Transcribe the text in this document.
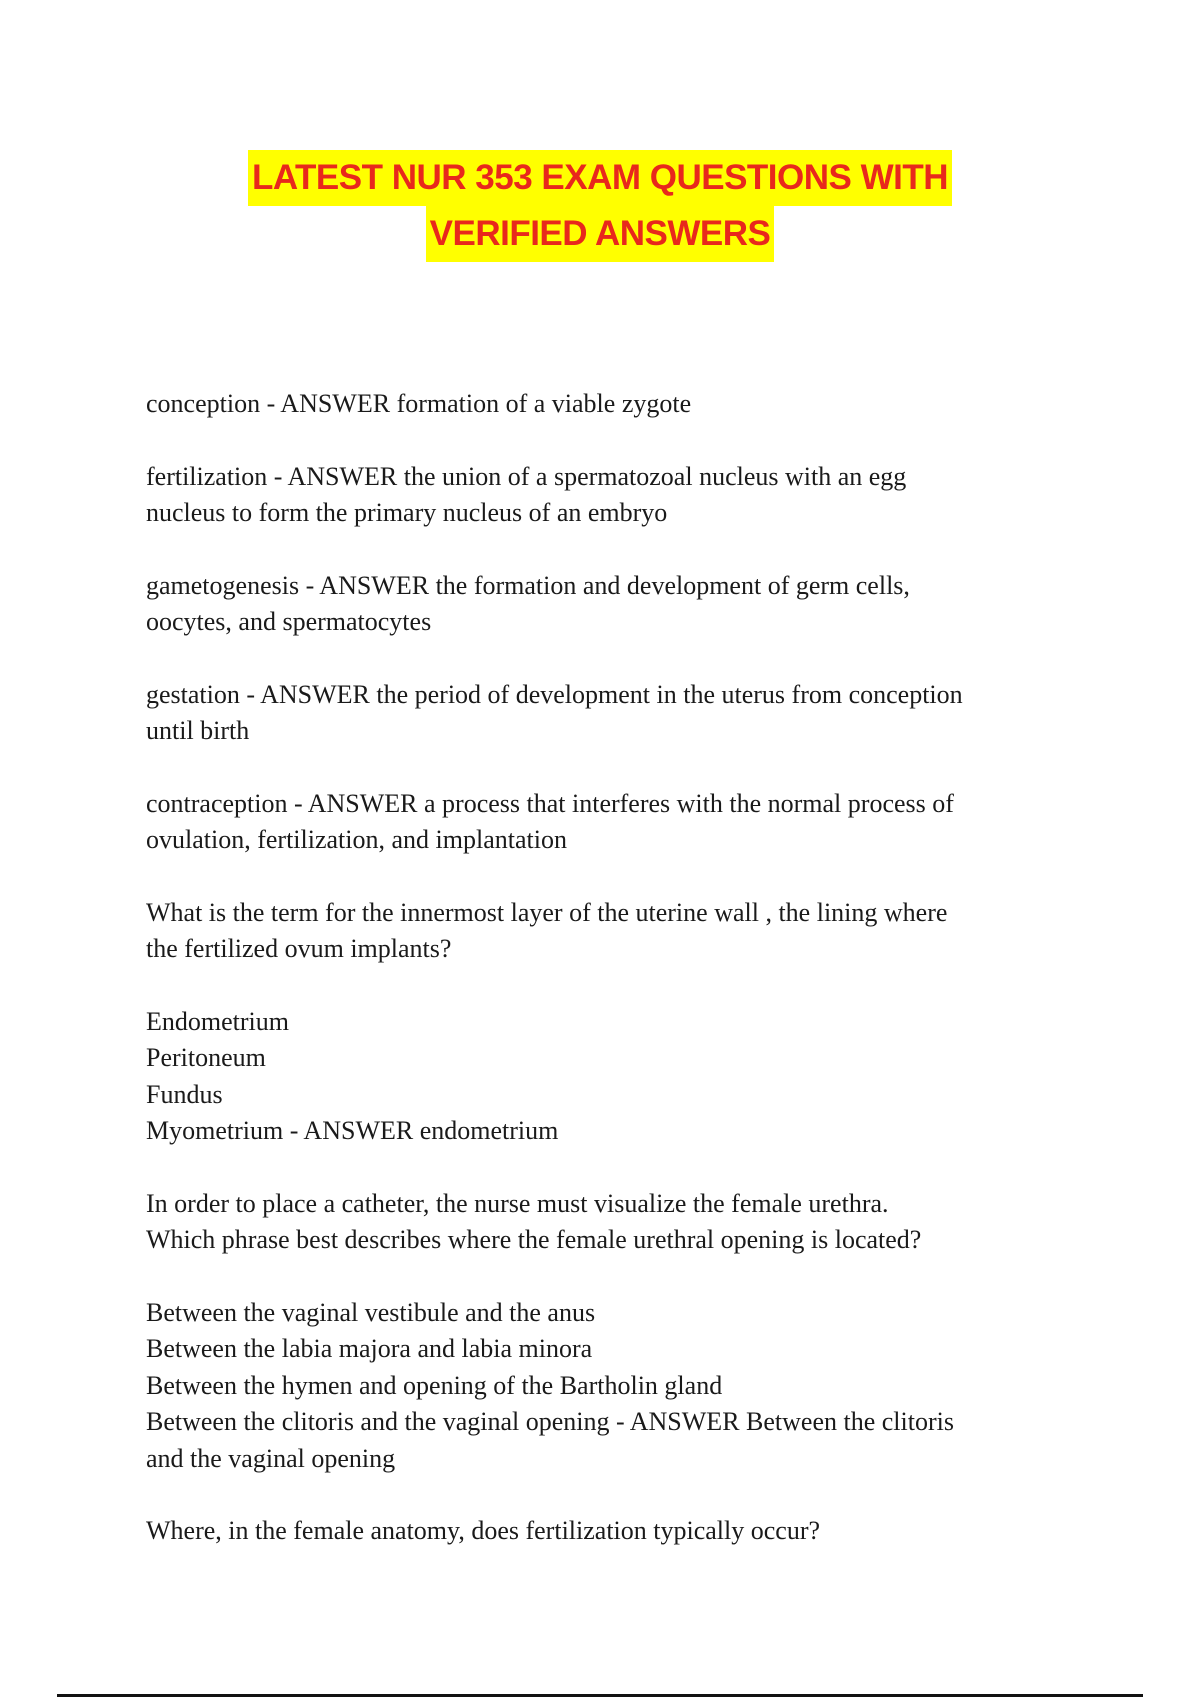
LATEST NUR 353 EXAM QUESTIONS WITH
VERIFIED ANSWERS
conception - ANSWER formation of a viable zygote
fertilization - ANSWER the union of a spermatozoal nucleus with an egg
nucleus to form the primary nucleus of an embryo
gametogenesis - ANSWER the formation and development of germ cells,
oocytes, and spermatocytes
gestation - ANSWER the period of development in the uterus from conception
until birth
contraception - ANSWER a process that interferes with the normal process of
ovulation, fertilization, and implantation
What is the term for the innermost layer of the uterine wall , the lining where
the fertilized ovum implants?
Endometrium
Peritoneum
Fundus
Myometrium - ANSWER endometrium
In order to place a catheter, the nurse must visualize the female urethra.
Which phrase best describes where the female urethral opening is located?
Between the vaginal vestibule and the anus
Between the labia majora and labia minora
Between the hymen and opening of the Bartholin gland
Between the clitoris and the vaginal opening - ANSWER Between the clitoris
and the vaginal opening
Where, in the female anatomy, does fertilization typically occur?
